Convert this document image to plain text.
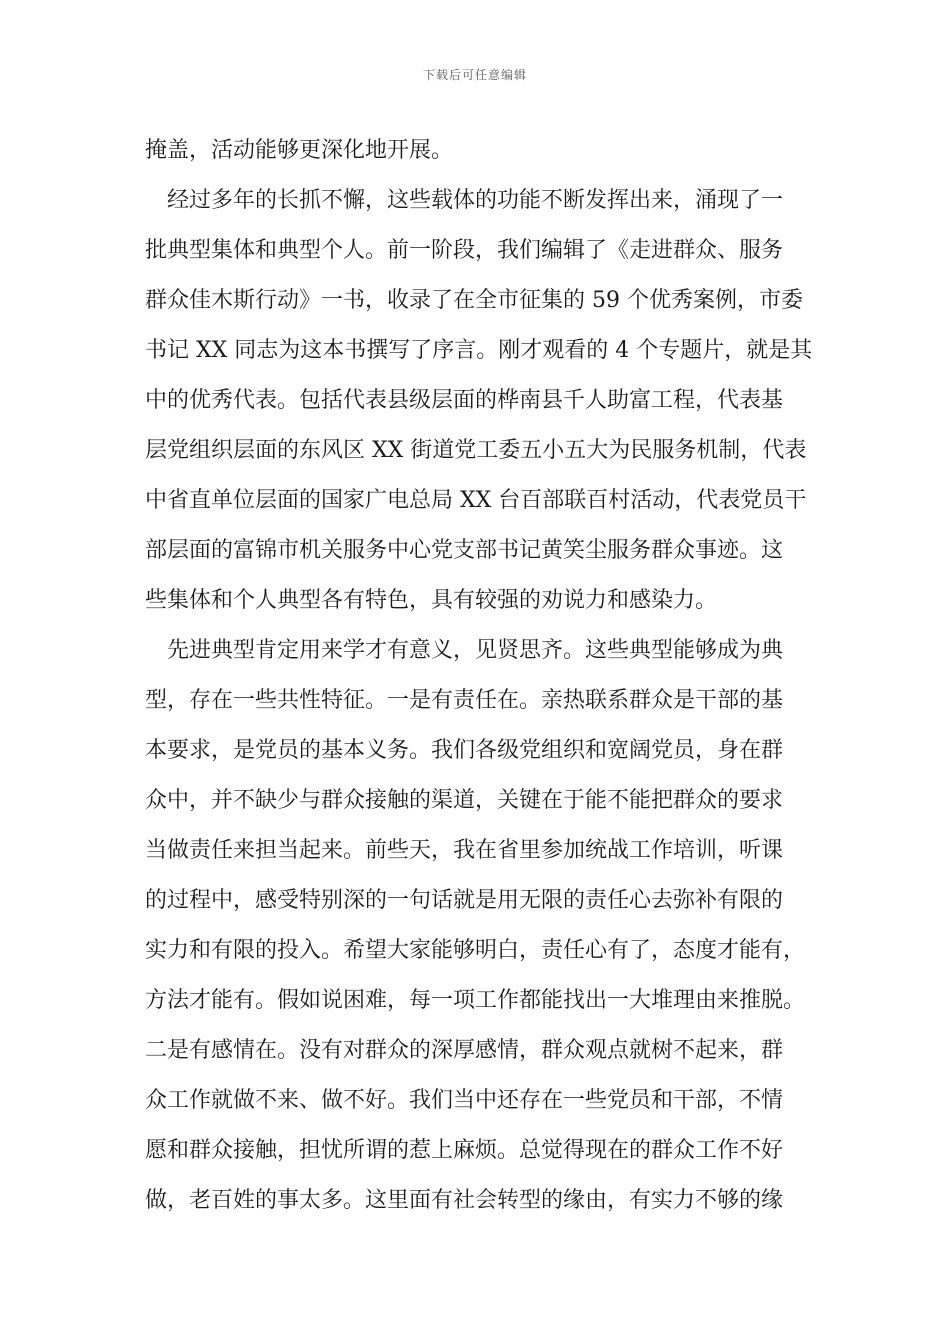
下载后可任意编辑
掩盖，活动能够更深化地开展。
经过多年的长抓不懈，这些载体的功能不断发挥出来，涌现了一
批典型集体和典型个人。前一阶段，我们编辑了《走进群众、服务
群众佳木斯行动》一书，收录了在全市征集的 59 个优秀案例，市委
书记 XX 同志为这本书撰写了序言。刚才观看的 4 个专题片，就是其
中的优秀代表。包括代表县级层面的桦南县千人助富工程，代表基
层党组织层面的东风区 XX 街道党工委五小五大为民服务机制，代表
中省直单位层面的国家广电总局 XX 台百部联百村活动，代表党员干
部层面的富锦市机关服务中心党支部书记黄笑尘服务群众事迹。这
些集体和个人典型各有特色，具有较强的劝说力和感染力。
先进典型肯定用来学才有意义，见贤思齐。这些典型能够成为典
型，存在一些共性特征。一是有责任在。亲热联系群众是干部的基
本要求，是党员的基本义务。我们各级党组织和宽阔党员，身在群
众中，并不缺少与群众接触的渠道，关键在于能不能把群众的要求
当做责任来担当起来。前些天，我在省里参加统战工作培训，听课
的过程中，感受特别深的一句话就是用无限的责任心去弥补有限的
实力和有限的投入。希望大家能够明白，责任心有了，态度才能有，
方法才能有。假如说困难，每一项工作都能找出一大堆理由来推脱。
二是有感情在。没有对群众的深厚感情，群众观点就树不起来，群
众工作就做不来、做不好。我们当中还存在一些党员和干部，不情
愿和群众接触，担忧所谓的惹上麻烦。总觉得现在的群众工作不好
做，老百姓的事太多。这里面有社会转型的缘由，有实力不够的缘
